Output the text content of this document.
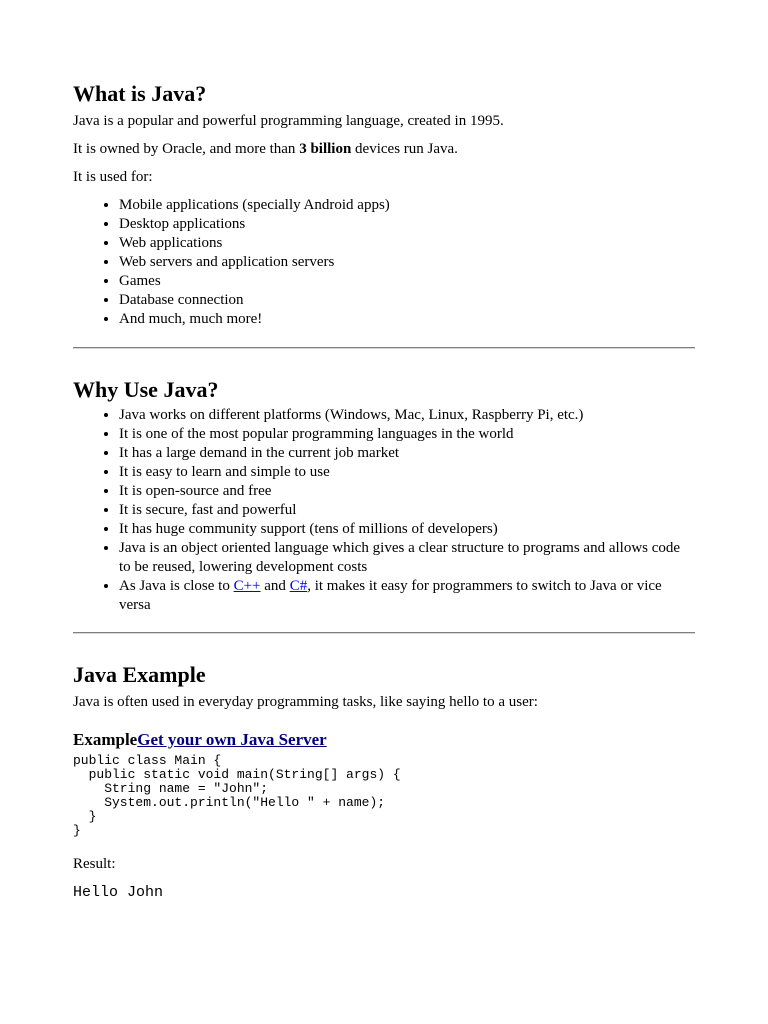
What is Java?

Java is a popular and powerful programming language, created in 1995.

It is owned by Oracle, and more than 3 billion devices run Java.

It is used for:

• Mobile applications (specially Android apps)
• Desktop applications
• Web applications
• Web servers and application servers
• Games
• Database connection
• And much, much more!
Why Use Java?
• Java works on different platforms (Windows, Mac, Linux, Raspberry Pi, etc.)
• It is one of the most popular programming languages in the world
• It has a large demand in the current job market
• It is easy to learn and simple to use
• It is open-source and free
• It is secure, fast and powerful
• It has huge community support (tens of millions of developers)
• Java is an object oriented language which gives a clear structure to programs and allows code to be reused, lowering development costs
• As Java is close to C++ and C#, it makes it easy for programmers to switch to Java or vice versa
Java Example

Java is often used in everyday programming tasks, like saying hello to a user:

ExampleGet your own Java Server
public class Main {
public static void main(String[] args) {
String name = "John";
System.out.println("Hello " + name);
}
}

Result:

Hello John
